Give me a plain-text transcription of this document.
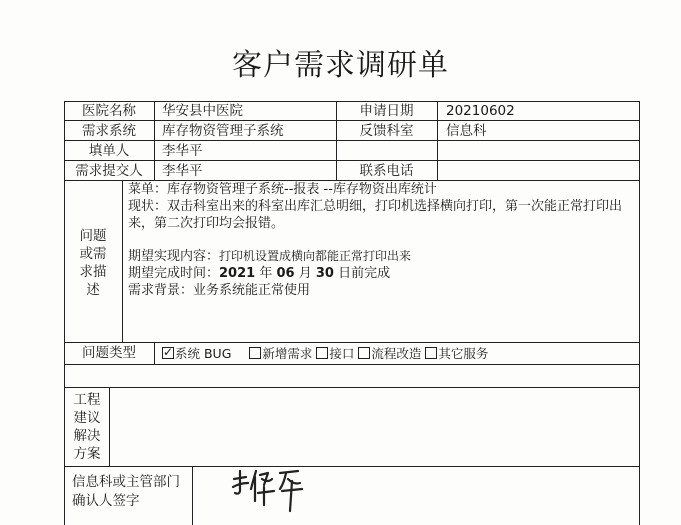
客户需求调研单
医院名称	华安县中医院	申请日期	20210602
需求系统	库存物资管理子系统	反馈科室	信息科
填单人	李华平
需求提交人	李华平	联系电话
问题
或需
求描
述
菜单：库存物资管理子系统--报表 --库存物资出库统计
现状：双击科室出来的科室出库汇总明细，打印机选择横向打印，第一次能正常打印出来，第二次打印均会报错。
期望实现内容：打印机设置成横向都能正常打印出来
期望完成时间：2021 年 06 月 30 日前完成
需求背景：业务系统能正常使用
问题类型
✓	系统 BUG 新增需求 接口 流程改造 其它服务
工程
建议
解决
方案
信息科或主管部门
确认人签字
